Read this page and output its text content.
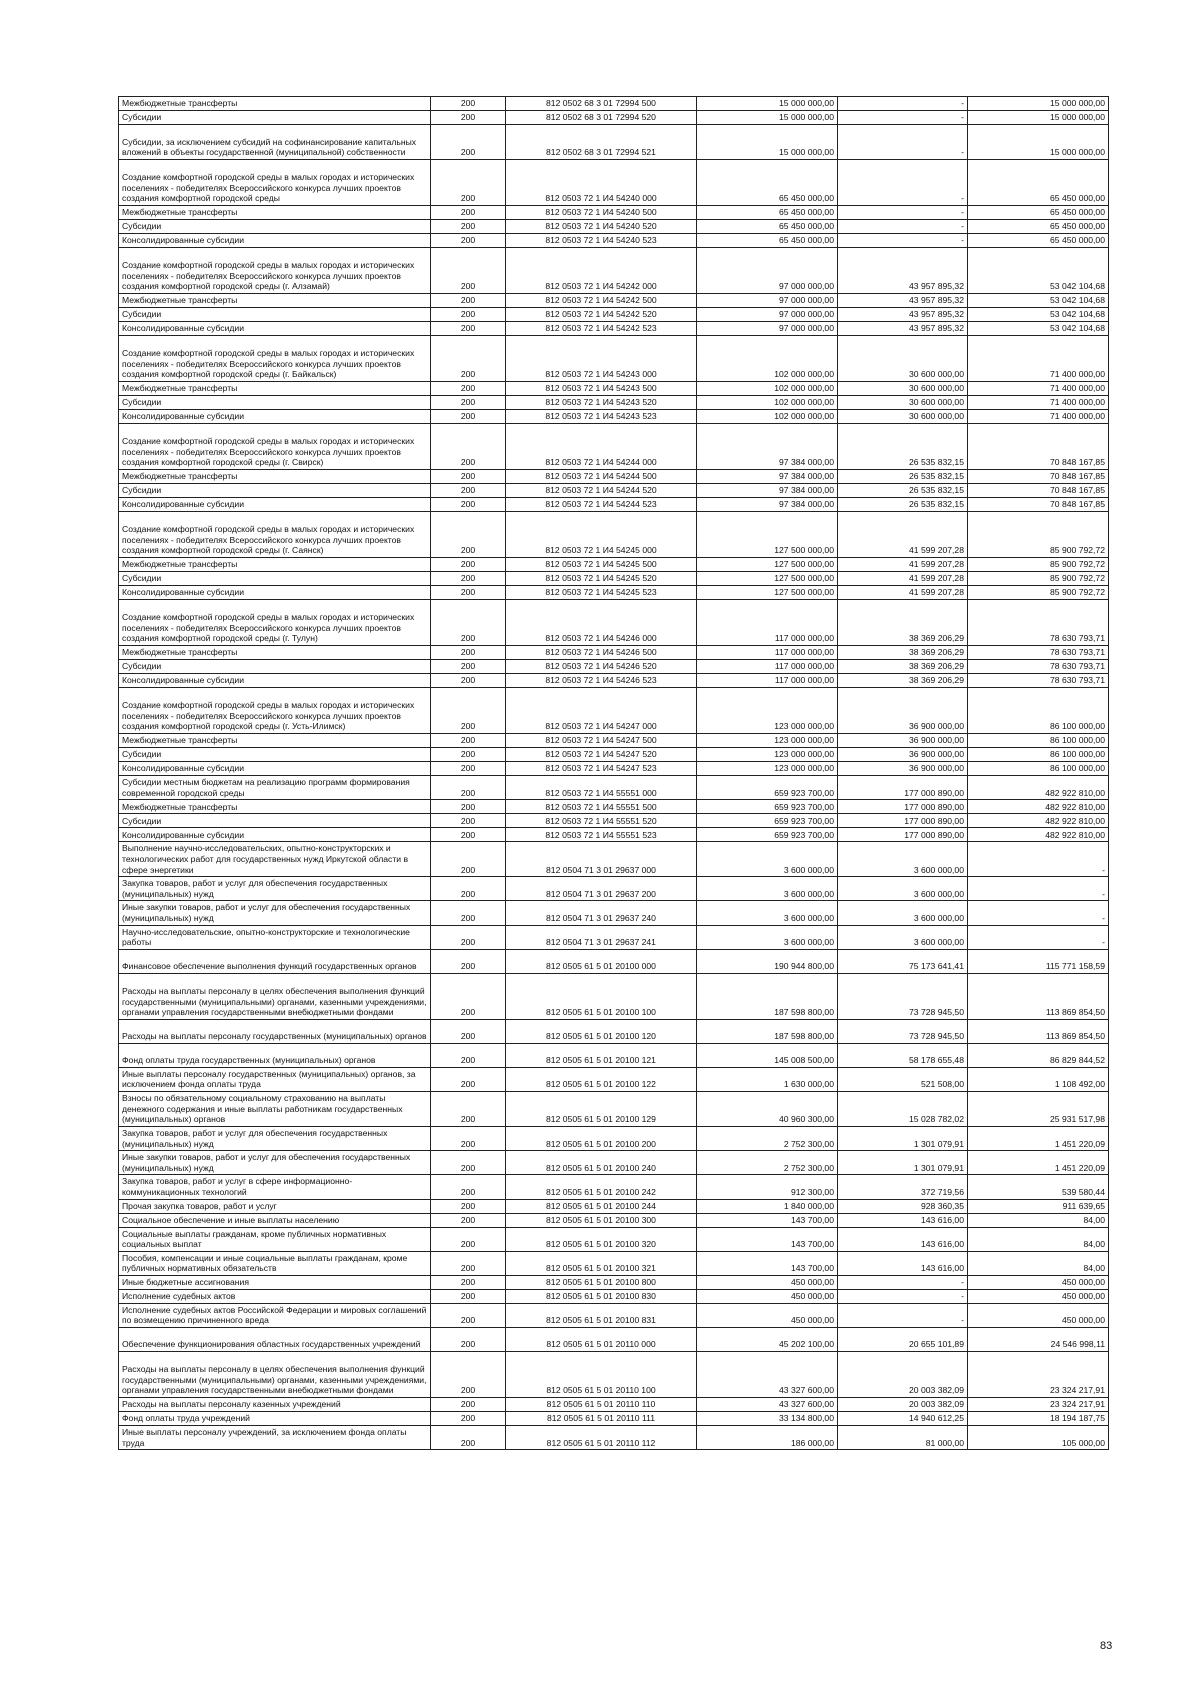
Межбюджетные трансферты	200	812 0502 68 3 01 72994 500	15 000 000,00	-	15 000 000,00
Субсидии	200	812 0502 68 3 01 72994 520	15 000 000,00	-	15 000 000,00
Субсидии, за исключением субсидий на софинансирование капитальных вложений в объекты государственной (муниципальной) собственности	200	812 0502 68 3 01 72994 521	15 000 000,00	-	15 000 000,00
Создание комфортной городской среды в малых городах и исторических поселениях - победителях Всероссийского конкурса лучших проектов создания комфортной городской среды	200	812 0503 72 1 И4 54240 000	65 450 000,00	-	65 450 000,00
Межбюджетные трансферты	200	812 0503 72 1 И4 54240 500	65 450 000,00	-	65 450 000,00
Субсидии	200	812 0503 72 1 И4 54240 520	65 450 000,00	-	65 450 000,00
Консолидированные субсидии	200	812 0503 72 1 И4 54240 523	65 450 000,00	-	65 450 000,00
Создание комфортной городской среды в малых городах и исторических поселениях - победителях Всероссийского конкурса лучших проектов создания комфортной городской среды (г. Алзамай)	200	812 0503 72 1 И4 54242 000	97 000 000,00	43 957 895,32	53 042 104,68
Межбюджетные трансферты	200	812 0503 72 1 И4 54242 500	97 000 000,00	43 957 895,32	53 042 104,68
Субсидии	200	812 0503 72 1 И4 54242 520	97 000 000,00	43 957 895,32	53 042 104,68
Консолидированные субсидии	200	812 0503 72 1 И4 54242 523	97 000 000,00	43 957 895,32	53 042 104,68
Создание комфортной городской среды в малых городах и исторических поселениях - победителях Всероссийского конкурса лучших проектов создания комфортной городской среды (г. Байкальск)	200	812 0503 72 1 И4 54243 000	102 000 000,00	30 600 000,00	71 400 000,00
Межбюджетные трансферты	200	812 0503 72 1 И4 54243 500	102 000 000,00	30 600 000,00	71 400 000,00
Субсидии	200	812 0503 72 1 И4 54243 520	102 000 000,00	30 600 000,00	71 400 000,00
Консолидированные субсидии	200	812 0503 72 1 И4 54243 523	102 000 000,00	30 600 000,00	71 400 000,00
Создание комфортной городской среды в малых городах и исторических поселениях - победителях Всероссийского конкурса лучших проектов создания комфортной городской среды (г. Свирск)	200	812 0503 72 1 И4 54244 000	97 384 000,00	26 535 832,15	70 848 167,85
Межбюджетные трансферты	200	812 0503 72 1 И4 54244 500	97 384 000,00	26 535 832,15	70 848 167,85
Субсидии	200	812 0503 72 1 И4 54244 520	97 384 000,00	26 535 832,15	70 848 167,85
Консолидированные субсидии	200	812 0503 72 1 И4 54244 523	97 384 000,00	26 535 832,15	70 848 167,85
Создание комфортной городской среды в малых городах и исторических поселениях - победителях Всероссийского конкурса лучших проектов создания комфортной городской среды (г. Саянск)	200	812 0503 72 1 И4 54245 000	127 500 000,00	41 599 207,28	85 900 792,72
Межбюджетные трансферты	200	812 0503 72 1 И4 54245 500	127 500 000,00	41 599 207,28	85 900 792,72
Субсидии	200	812 0503 72 1 И4 54245 520	127 500 000,00	41 599 207,28	85 900 792,72
Консолидированные субсидии	200	812 0503 72 1 И4 54245 523	127 500 000,00	41 599 207,28	85 900 792,72
Создание комфортной городской среды в малых городах и исторических поселениях - победителях Всероссийского конкурса лучших проектов создания комфортной городской среды (г. Тулун)	200	812 0503 72 1 И4 54246 000	117 000 000,00	38 369 206,29	78 630 793,71
Межбюджетные трансферты	200	812 0503 72 1 И4 54246 500	117 000 000,00	38 369 206,29	78 630 793,71
Субсидии	200	812 0503 72 1 И4 54246 520	117 000 000,00	38 369 206,29	78 630 793,71
Консолидированные субсидии	200	812 0503 72 1 И4 54246 523	117 000 000,00	38 369 206,29	78 630 793,71
Создание комфортной городской среды в малых городах и исторических поселениях - победителях Всероссийского конкурса лучших проектов создания комфортной городской среды (г. Усть-Илимск)	200	812 0503 72 1 И4 54247 000	123 000 000,00	36 900 000,00	86 100 000,00
Межбюджетные трансферты	200	812 0503 72 1 И4 54247 500	123 000 000,00	36 900 000,00	86 100 000,00
Субсидии	200	812 0503 72 1 И4 54247 520	123 000 000,00	36 900 000,00	86 100 000,00
Консолидированные субсидии	200	812 0503 72 1 И4 54247 523	123 000 000,00	36 900 000,00	86 100 000,00
Субсидии местным бюджетам на реализацию программ формирования современной городской среды	200	812 0503 72 1 И4 55551 000	659 923 700,00	177 000 890,00	482 922 810,00
Межбюджетные трансферты	200	812 0503 72 1 И4 55551 500	659 923 700,00	177 000 890,00	482 922 810,00
Субсидии	200	812 0503 72 1 И4 55551 520	659 923 700,00	177 000 890,00	482 922 810,00
Консолидированные субсидии	200	812 0503 72 1 И4 55551 523	659 923 700,00	177 000 890,00	482 922 810,00
Выполнение научно-исследовательских, опытно-конструкторских и технологических работ для государственных нужд Иркутской области в сфере энергетики	200	812 0504 71 3 01 29637 000	3 600 000,00	3 600 000,00	-
Закупка товаров, работ и услуг для обеспечения государственных (муниципальных) нужд	200	812 0504 71 3 01 29637 200	3 600 000,00	3 600 000,00	-
Иные закупки товаров, работ и услуг для обеспечения государственных (муниципальных) нужд	200	812 0504 71 3 01 29637 240	3 600 000,00	3 600 000,00	-
Научно-исследовательские, опытно-конструкторские и технологические работы	200	812 0504 71 3 01 29637 241	3 600 000,00	3 600 000,00	-
Финансовое обеспечение выполнения функций государственных органов	200	812 0505 61 5 01 20100 000	190 944 800,00	75 173 641,41	115 771 158,59
Расходы на выплаты персоналу в целях обеспечения выполнения функций государственными (муниципальными) органами, казенными учреждениями, органами управления государственными внебюджетными фондами	200	812 0505 61 5 01 20100 100	187 598 800,00	73 728 945,50	113 869 854,50
Расходы на выплаты персоналу государственных (муниципальных) органов	200	812 0505 61 5 01 20100 120	187 598 800,00	73 728 945,50	113 869 854,50
Фонд оплаты труда государственных (муниципальных) органов	200	812 0505 61 5 01 20100 121	145 008 500,00	58 178 655,48	86 829 844,52
Иные выплаты персоналу государственных (муниципальных) органов, за исключением фонда оплаты труда	200	812 0505 61 5 01 20100 122	1 630 000,00	521 508,00	1 108 492,00
Взносы по обязательному социальному страхованию на выплаты денежного содержания и иные выплаты работникам государственных (муниципальных) органов	200	812 0505 61 5 01 20100 129	40 960 300,00	15 028 782,02	25 931 517,98
Закупка товаров, работ и услуг для обеспечения государственных (муниципальных) нужд	200	812 0505 61 5 01 20100 200	2 752 300,00	1 301 079,91	1 451 220,09
Иные закупки товаров, работ и услуг для обеспечения государственных (муниципальных) нужд	200	812 0505 61 5 01 20100 240	2 752 300,00	1 301 079,91	1 451 220,09
Закупка товаров, работ и услуг в сфере информационно-коммуникационных технологий	200	812 0505 61 5 01 20100 242	912 300,00	372 719,56	539 580,44
Прочая закупка товаров, работ и услуг	200	812 0505 61 5 01 20100 244	1 840 000,00	928 360,35	911 639,65
Социальное обеспечение и иные выплаты населению	200	812 0505 61 5 01 20100 300	143 700,00	143 616,00	84,00
Социальные выплаты гражданам, кроме публичных нормативных социальных выплат	200	812 0505 61 5 01 20100 320	143 700,00	143 616,00	84,00
Пособия, компенсации и иные социальные выплаты гражданам, кроме публичных нормативных обязательств	200	812 0505 61 5 01 20100 321	143 700,00	143 616,00	84,00
Иные бюджетные ассигнования	200	812 0505 61 5 01 20100 800	450 000,00	-	450 000,00
Исполнение судебных актов	200	812 0505 61 5 01 20100 830	450 000,00	-	450 000,00
Исполнение судебных актов Российской Федерации и мировых соглашений по возмещению причиненного вреда	200	812 0505 61 5 01 20100 831	450 000,00	-	450 000,00
Обеспечение функционирования областных государственных учреждений	200	812 0505 61 5 01 20110 000	45 202 100,00	20 655 101,89	24 546 998,11
Расходы на выплаты персоналу в целях обеспечения выполнения функций государственными (муниципальными) органами, казенными учреждениями, органами управления государственными внебюджетными фондами	200	812 0505 61 5 01 20110 100	43 327 600,00	20 003 382,09	23 324 217,91
Расходы на выплаты персоналу казенных учреждений	200	812 0505 61 5 01 20110 110	43 327 600,00	20 003 382,09	23 324 217,91
Фонд оплаты труда учреждений	200	812 0505 61 5 01 20110 111	33 134 800,00	14 940 612,25	18 194 187,75
Иные выплаты персоналу учреждений, за исключением фонда оплаты труда	200	812 0505 61 5 01 20110 112	186 000,00	81 000,00	105 000,00
83
